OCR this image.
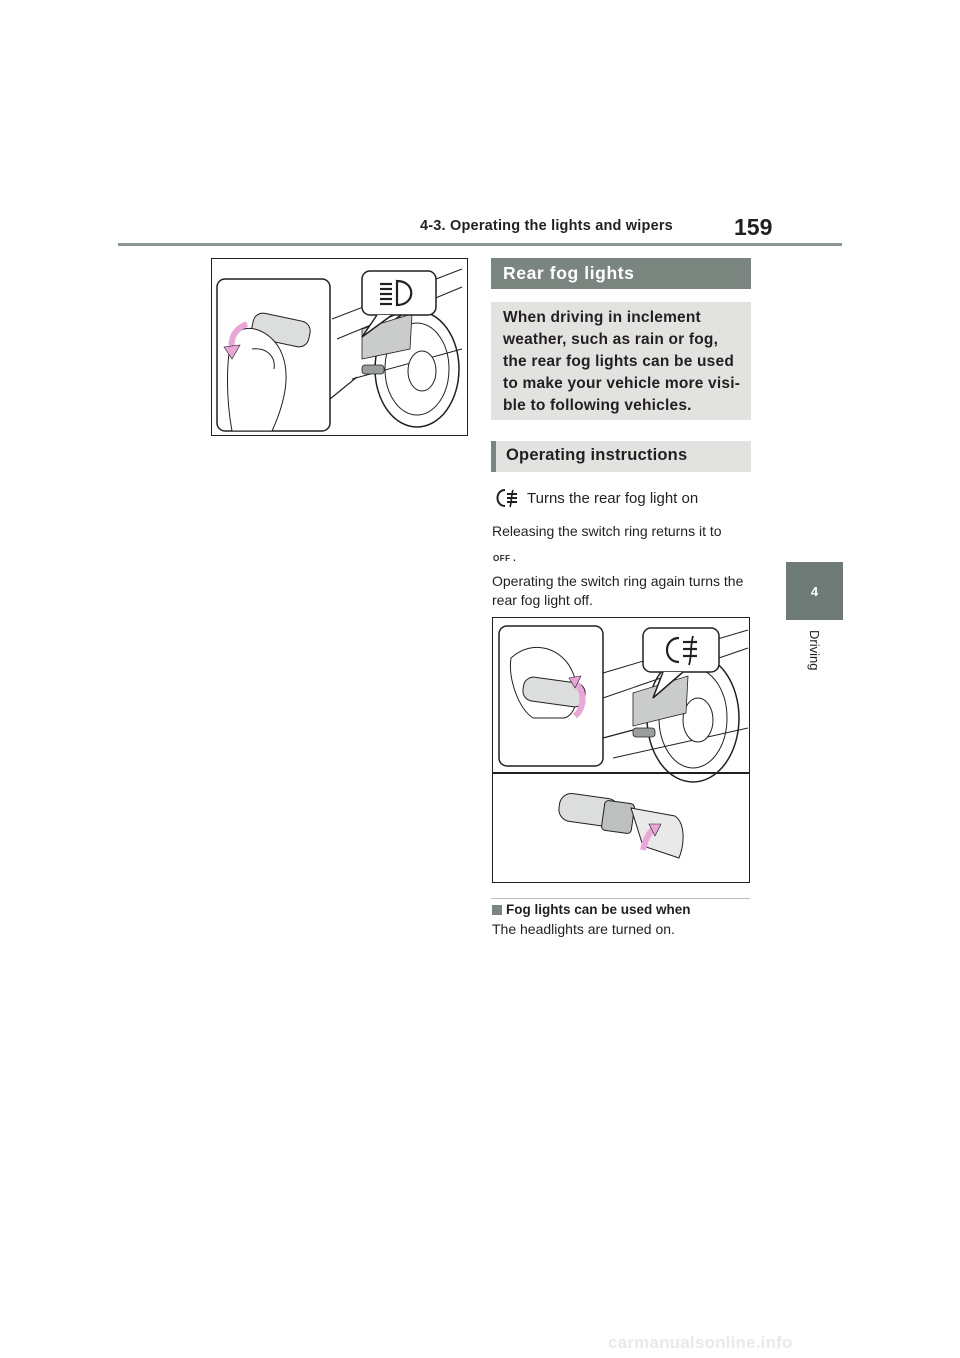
4-3. Operating the lights and wipers	159
4
Driving
Rear fog lights
When driving in inclement weather, such as rain or fog, the rear fog lights can be used to make your vehicle more visi-ble to following vehicles.
Operating instructions
Turns the rear fog light on
Releasing the switch ring returns it to
OFF .
Operating the switch ring again turns the rear fog light off.
Fog lights can be used when
The headlights are turned on.
carmanualsonline.info
